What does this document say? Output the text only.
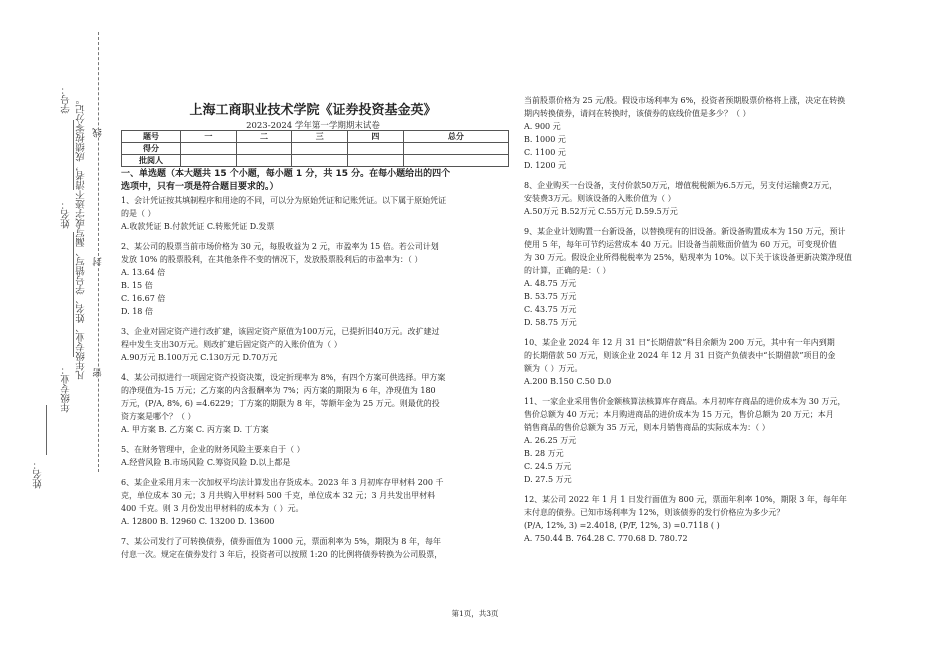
姓名：
年级专业：
凡年级专业、姓名、学号错写、漏写或字迹不清者，成绩按零分记。 密
封
线
学号：
姓名：
上海工商职业技术学院《证券投资基金英》
2023-2024 学年第一学期期末试卷
题号	一	二	三	四	总分
得分					
批阅人					

一、单选题（本大题共 15 个小题，每小题 1 分，共 15 分。在每小题给出的四个

选项中，只有一项是符合题目要求的。）

1、会计凭证按其填制程序和用途的不同，可以分为原始凭证和记账凭证。以下属于原始凭证

的是（ ）

A.收款凭证 B.付款凭证 C.转账凭证 D.发票

2、某公司的股票当前市场价格为 30 元，每股收益为 2 元，市盈率为 15 倍。若公司计划

发放 10% 的股票股利，在其他条件不变的情况下，发放股票股利后的市盈率为：（ ）

A. 13.64 倍

B. 15 倍

C. 16.67 倍

D. 18 倍

3、企业对固定资产进行改扩建，该固定资产原值为100万元，已提折旧40万元。改扩建过

程中发生支出30万元。则改扩建后固定资产的入账价值为（ ）

A.90万元 B.100万元 C.130万元 D.70万元

4、某公司拟进行一项固定资产投资决策，设定折现率为 8%，有四个方案可供选择。甲方案

的净现值为-15 万元；乙方案的内含报酬率为 7%；丙方案的期限为 6 年，净现值为 180

万元，(P/A, 8%, 6) =4.6229；丁方案的期限为 8 年，等额年金为 25 万元。则最优的投

资方案是哪个？（ ）

A. 甲方案 B. 乙方案 C. 丙方案 D. 丁方案

5、在财务管理中，企业的财务风险主要来自于（ ）

A.经营风险 B.市场风险 C.筹资风险 D.以上都是

6、某企业采用月末一次加权平均法计算发出存货成本。2023 年 3 月初库存甲材料 200 千

克，单位成本 30 元；3 月共购入甲材料 500 千克，单位成本 32 元；3 月共发出甲材料

400 千克。则 3 月份发出甲材料的成本为（ ）元。

A. 12800 B. 12960 C. 13200 D. 13600

7、某公司发行了可转换债券，债券面值为 1000 元，票面利率为 5%，期限为 8 年，每年

付息一次。规定在债券发行 3 年后，投资者可以按照 1:20 的比例将债券转换为公司股票，

当前股票价格为 25 元/股。假设市场利率为 6%，投资者预期股票价格将上涨，决定在转换

期内转换债券，请问在转换时，该债券的底线价值是多少？（ ）

A. 900 元

B. 1000 元

C. 1100 元

D. 1200 元

8、企业购买一台设备，支付价款50万元，增值税税额为6.5万元，另支付运输费2万元，

安装费3万元。则该设备的入账价值为（ ）

A.50万元 B.52万元 C.55万元 D.59.5万元

9、某企业计划购置一台新设备，以替换现有的旧设备。新设备购置成本为 150 万元，预计

使用 5 年，每年可节约运营成本 40 万元。旧设备当前账面价值为 60 万元，可变现价值

为 30 万元。假设企业所得税税率为 25%，贴现率为 10%。以下关于该设备更新决策净现值

的计算，正确的是：（ ）

A. 48.75 万元

B. 53.75 万元

C. 43.75 万元

D. 58.75 万元

10、某企业 2024 年 12 月 31 日“长期借款”科目余额为 200 万元，其中有一年内到期

的长期借款 50 万元，则该企业 2024 年 12 月 31 日资产负债表中“长期借款”项目的金

额为（ ）万元。

A.200 B.150 C.50 D.0

11、一家企业采用售价金额核算法核算库存商品。本月初库存商品的进价成本为 30 万元，

售价总额为 40 万元；本月购进商品的进价成本为 15 万元，售价总额为 20 万元；本月

销售商品的售价总额为 35 万元，则本月销售商品的实际成本为：（ ）

A. 26.25 万元

B. 28 万元

C. 24.5 万元

D. 27.5 万元

12、某公司 2022 年 1 月 1 日发行面值为 800 元，票面年利率 10%，期限 3 年，每年年

末付息的债券。已知市场利率为 12%，则该债券的发行价格应为多少元？

(P/A, 12%, 3) =2.4018, (P/F, 12%, 3) =0.7118 ( )

A. 750.44 B. 764.28 C. 770.68 D. 780.72

第1页，共3页
